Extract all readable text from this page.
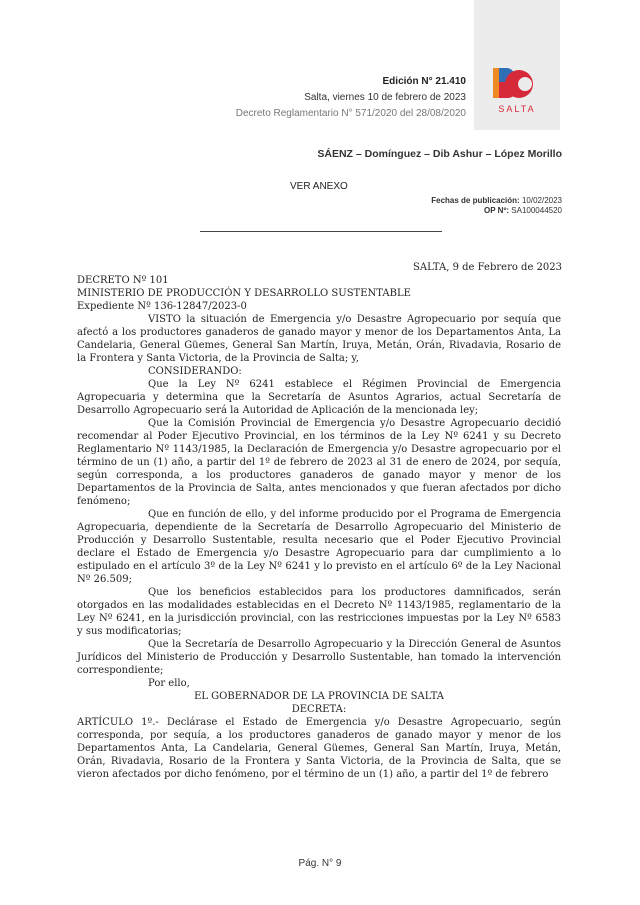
Edición N° 21.410
Salta, viernes 10 de febrero de 2023
Decreto Reglamentario N° 571/2020 del 28/08/2020	SALTA
SÁENZ – Domínguez – Dib Ashur – López Morillo
VER ANEXO
Fechas de publicación: 10/02/2023
OP Nº: SA100044520
SALTA, 9 de Febrero de 2023

DECRETO Nº 101

MINISTERIO DE PRODUCCIÓN Y DESARROLLO SUSTENTABLE

Expediente Nº 136-12847/2023-0

VISTO la situación de Emergencia y/o Desastre Agropecuario por sequía que afectó a los productores ganaderos de ganado mayor y menor de los Departamentos Anta, La Candelaria, General Güemes, General San Martín, Iruya, Metán, Orán, Rivadavia, Rosario de la Frontera y Santa Victoria, de la Provincia de Salta; y,

CONSIDERANDO:

Que la Ley Nº 6241 establece el Régimen Provincial de Emergencia Agropecuaria y determina que la Secretaría de Asuntos Agrarios, actual Secretaría de Desarrollo Agropecuario será la Autoridad de Aplicación de la mencionada ley;

Que la Comisión Provincial de Emergencia y/o Desastre Agropecuario decidió recomendar al Poder Ejecutivo Provincial, en los términos de la Ley Nº 6241 y su Decreto Reglamentario Nº 1143/1985, la Declaración de Emergencia y/o Desastre agropecuario por el término de un (1) año, a partir del 1º de febrero de 2023 al 31 de enero de 2024, por sequía, según corresponda, a los productores ganaderos de ganado mayor y menor de los Departamentos de la Provincia de Salta, antes mencionados y que fueran afectados por dicho fenómeno;

Que en función de ello, y del informe producido por el Programa de Emergencia Agropecuaria, dependiente de la Secretaría de Desarrollo Agropecuario del Ministerio de Producción y Desarrollo Sustentable, resulta necesario que el Poder Ejecutivo Provincial declare el Estado de Emergencia y/o Desastre Agropecuario para dar cumplimiento a lo estipulado en el artículo 3º de la Ley Nº 6241 y lo previsto en el artículo 6º de la Ley Nacional Nº 26.509;

Que los beneficios establecidos para los productores damnificados, serán otorgados en las modalidades establecidas en el Decreto Nº 1143/1985, reglamentario de la Ley Nº 6241, en la jurisdicción provincial, con las restricciones impuestas por la Ley Nº 6583 y sus modificatorias;

Que la Secretaría de Desarrollo Agropecuario y la Dirección General de Asuntos Jurídicos del Ministerio de Producción y Desarrollo Sustentable, han tomado la intervención correspondiente;

Por ello,

EL GOBERNADOR DE LA PROVINCIA DE SALTA

DECRETA:

ARTÍCULO 1º.- Declárase el Estado de Emergencia y/o Desastre Agropecuario, según corresponda, por sequía, a los productores ganaderos de ganado mayor y menor de los Departamentos Anta, La Candelaria, General Güemes, General San Martín, Iruya, Metán, Orán, Rivadavia, Rosario de la Frontera y Santa Victoria, de la Provincia de Salta, que se vieron afectados por dicho fenómeno, por el término de un (1) año, a partir del 1º de febrero

Pág. N° 9
